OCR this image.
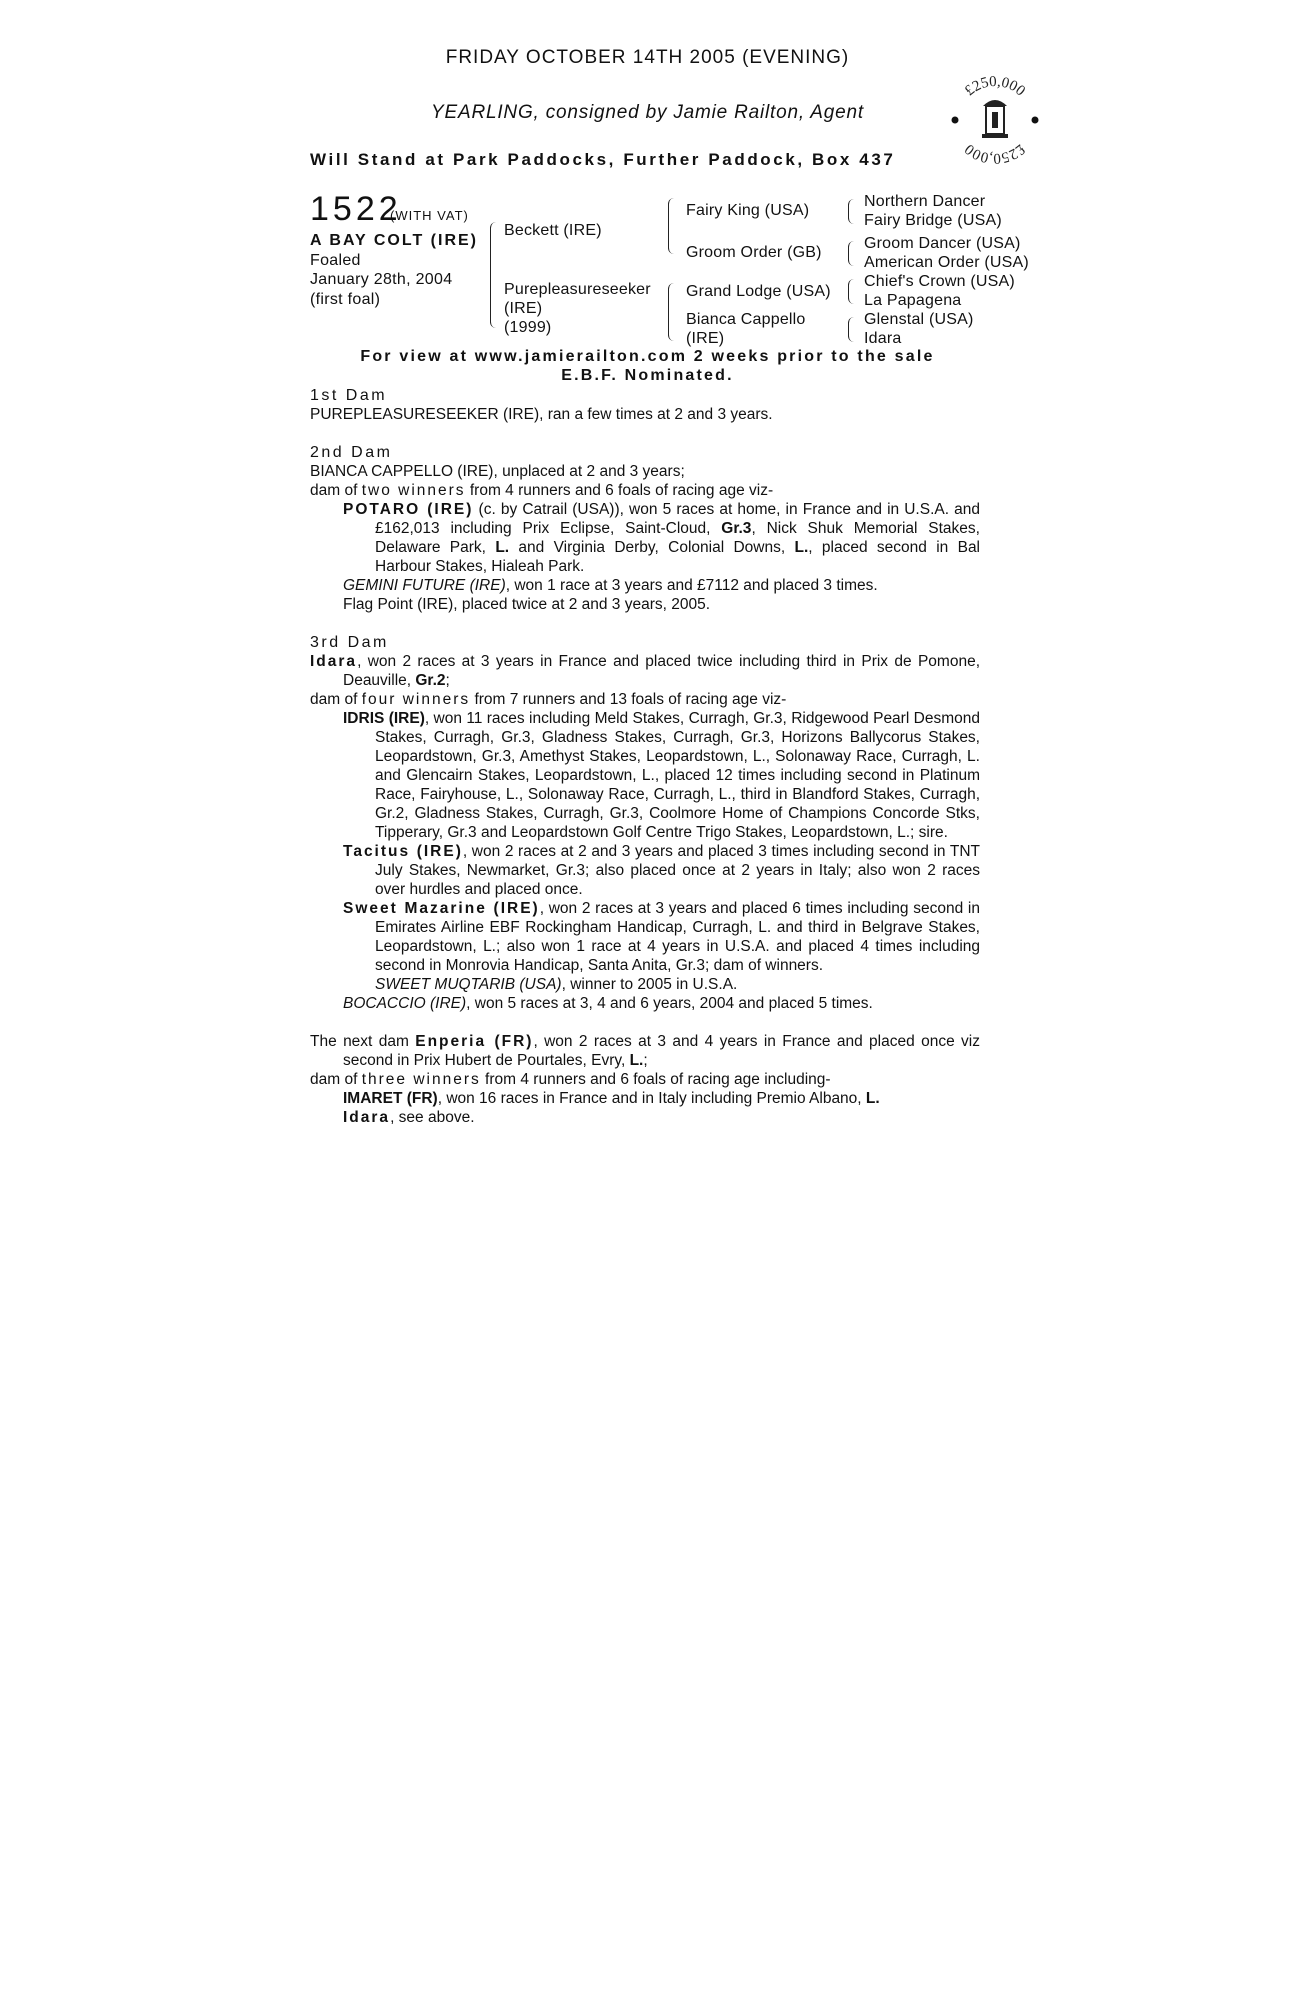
FRIDAY OCTOBER 14TH 2005 (EVENING)
YEARLING, consigned by Jamie Railton, Agent
Will Stand at Park Paddocks, Further Paddock, Box 437
£250,000
£250,000
1522
(WITH VAT)
A BAY COLT (IRE)
Foaled
January 28th, 2004
(first foal)
Beckett (IRE)
Purepleasureseeker
(IRE)
(1999)
Fairy King (USA)
Groom Order (GB)
Grand Lodge (USA)
Bianca Cappello
(IRE)
Northern Dancer
Fairy Bridge (USA)
Groom Dancer (USA)
American Order (USA)
Chief's Crown (USA)
La Papagena
Glenstal (USA)
Idara
For view at www.jamierailton.com 2 weeks prior to the sale
E.B.F. Nominated.
1st Dam

PUREPLEASURESEEKER (IRE), ran a few times at 2 and 3 years.

2nd Dam

BIANCA CAPPELLO (IRE), unplaced at 2 and 3 years;

dam of two winners from 4 runners and 6 foals of racing age viz-

POTARO (IRE) (c. by Catrail (USA)), won 5 races at home, in France and in U.S.A. and £162,013 including Prix Eclipse, Saint-Cloud, Gr.3, Nick Shuk Memorial Stakes, Delaware Park, L. and Virginia Derby, Colonial Downs, L., placed second in Bal Harbour Stakes, Hialeah Park.

GEMINI FUTURE (IRE), won 1 race at 3 years and £7112 and placed 3 times.

Flag Point (IRE), placed twice at 2 and 3 years, 2005.

3rd Dam

Idara, won 2 races at 3 years in France and placed twice including third in Prix de Pomone, Deauville, Gr.2;

dam of four winners from 7 runners and 13 foals of racing age viz-

IDRIS (IRE), won 11 races including Meld Stakes, Curragh, Gr.3, Ridgewood Pearl Desmond Stakes, Curragh, Gr.3, Gladness Stakes, Curragh, Gr.3, Horizons Ballycorus Stakes, Leopardstown, Gr.3, Amethyst Stakes, Leopardstown, L., Solonaway Race, Curragh, L. and Glencairn Stakes, Leopardstown, L., placed 12 times including second in Platinum Race, Fairyhouse, L., Solonaway Race, Curragh, L., third in Blandford Stakes, Curragh, Gr.2, Gladness Stakes, Curragh, Gr.3, Coolmore Home of Champions Concorde Stks, Tipperary, Gr.3 and Leopardstown Golf Centre Trigo Stakes, Leopardstown, L.; sire.

Tacitus (IRE), won 2 races at 2 and 3 years and placed 3 times including second in TNT July Stakes, Newmarket, Gr.3; also placed once at 2 years in Italy; also won 2 races over hurdles and placed once.

Sweet Mazarine (IRE), won 2 races at 3 years and placed 6 times including second in Emirates Airline EBF Rockingham Handicap, Curragh, L. and third in Belgrave Stakes, Leopardstown, L.; also won 1 race at 4 years in U.S.A. and placed 4 times including second in Monrovia Handicap, Santa Anita, Gr.3; dam of winners.

SWEET MUQTARIB (USA), winner to 2005 in U.S.A.

BOCACCIO (IRE), won 5 races at 3, 4 and 6 years, 2004 and placed 5 times.

The next dam Enperia (FR), won 2 races at 3 and 4 years in France and placed once viz second in Prix Hubert de Pourtales, Evry, L.;

dam of three winners from 4 runners and 6 foals of racing age including-

IMARET (FR), won 16 races in France and in Italy including Premio Albano, L.

Idara, see above.
